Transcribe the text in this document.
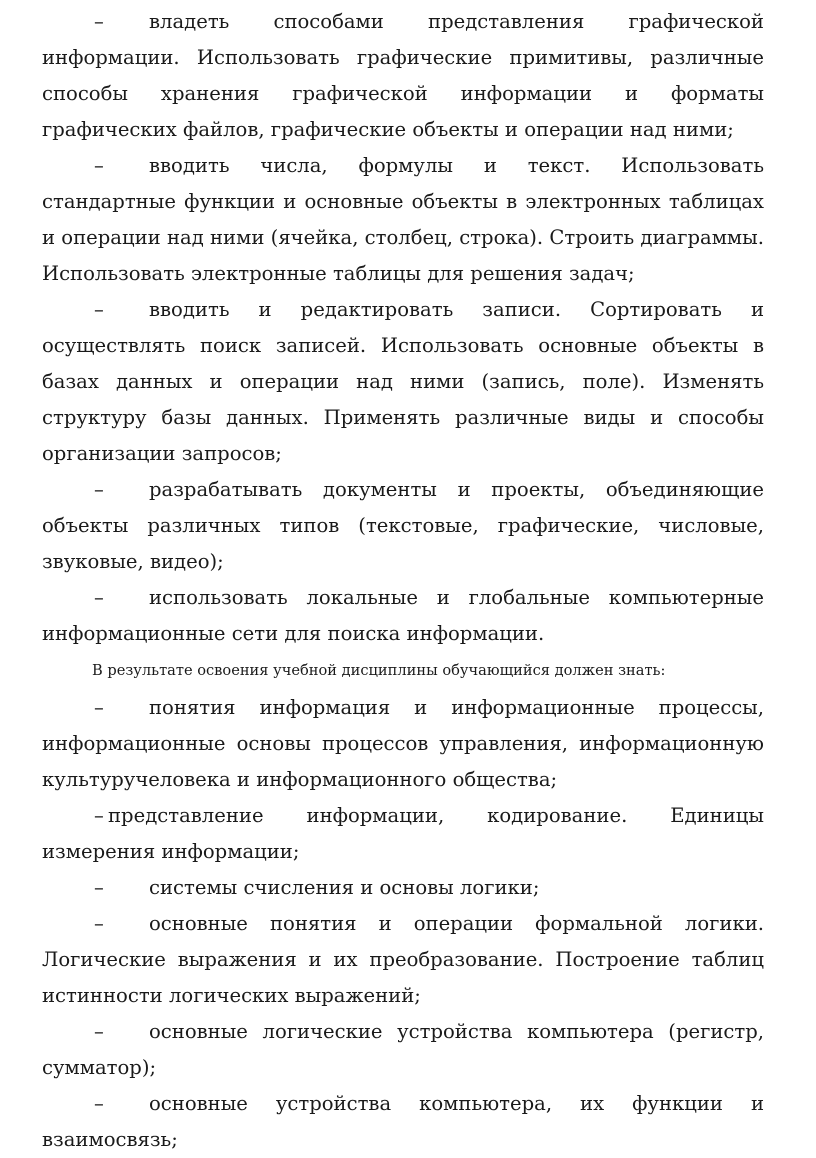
– владеть способами представления графической информации. Использовать графические примитивы, различные способы хранения графической информации и форматы графических файлов, графические объекты и операции над ними;

– вводить числа, формулы и текст. Использовать стандартные функции и основные объекты в электронных таблицах и операции над ними (ячейка, столбец, строка). Строить диаграммы. Использовать электронные таблицы для решения задач;

– вводить и редактировать записи. Сортировать и осуществлять поиск записей. Использовать основные объекты в базах данных и операции над ними (запись, поле). Изменять структуру базы данных. Применять различные виды и способы организации запросов;

– разрабатывать документы и проекты, объединяющие объекты различных типов (текстовые, графические, числовые, звуковые, видео);

– использовать локальные и глобальные компьютерные информационные сети для поиска информации.

В результате освоения учебной дисциплины обучающийся должен знать:

– понятия информация и информационные процессы, информационные основы процессов управления, информационную культуручеловека и информационного общества;

– представление информации, кодирование. Единицы измерения информации;

– системы счисления и основы логики;

– основные понятия и операции формальной логики. Логические выражения и их преобразование. Построение таблиц истинности логических выражений;

– основные логические устройства компьютера (регистр, сумматор);

– основные устройства компьютера, их функции и взаимосвязь;
